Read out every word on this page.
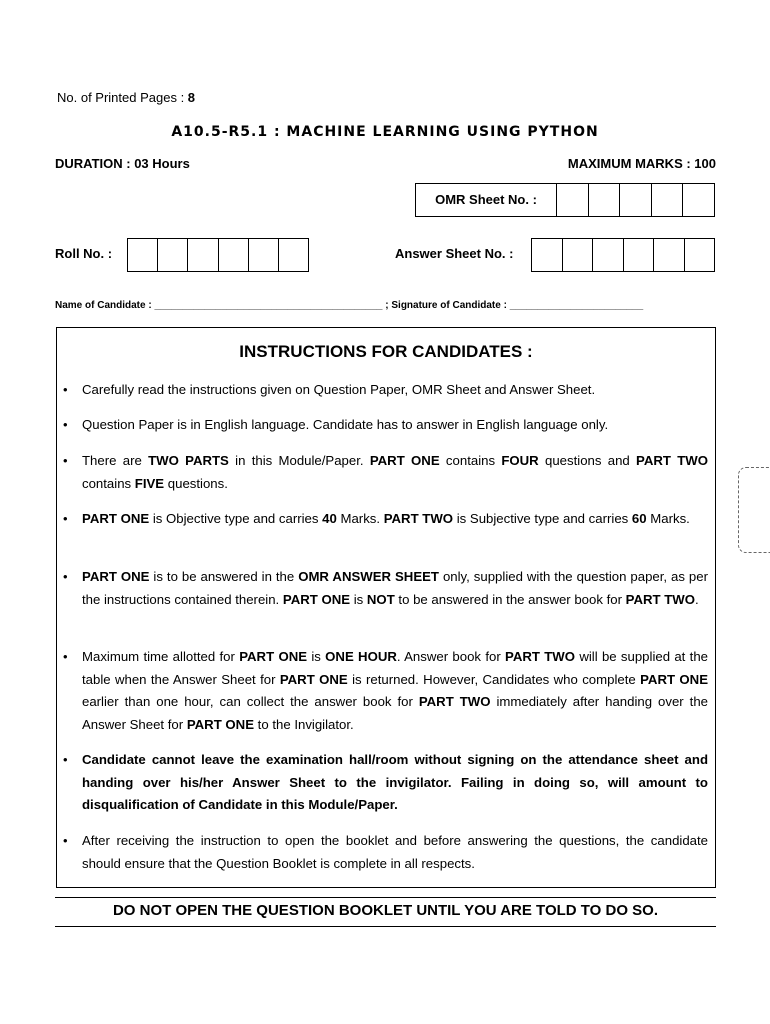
No. of Printed Pages : 8
A10.5-R5.1 : MACHINE LEARNING USING PYTHON
DURATION : 03 Hours	MAXIMUM MARKS : 100
OMR Sheet No. :
Roll No. :	Answer Sheet No. :
Name of Candidate : _________________________________________ ; Signature of Candidate : ________________________
INSTRUCTIONS FOR CANDIDATES :
• Carefully read the instructions given on Question Paper, OMR Sheet and Answer Sheet.
• Question Paper is in English language. Candidate has to answer in English language only.
• There are TWO PARTS in this Module/Paper. PART ONE contains FOUR questions and PART TWO contains FIVE questions.
• PART ONE is Objective type and carries 40 Marks. PART TWO is Subjective type and carries 60 Marks.
• PART ONE is to be answered in the OMR ANSWER SHEET only, supplied with the question paper, as per the instructions contained therein. PART ONE is NOT to be answered in the answer book for PART TWO.
• Maximum time allotted for PART ONE is ONE HOUR. Answer book for PART TWO will be supplied at the table when the Answer Sheet for PART ONE is returned. However, Candidates who complete PART ONE earlier than one hour, can collect the answer book for PART TWO immediately after handing over the Answer Sheet for PART ONE to the Invigilator.
• Candidate cannot leave the examination hall/room without signing on the attendance sheet and handing over his/her Answer Sheet to the invigilator. Failing in doing so, will amount to disqualification of Candidate in this Module/Paper.
• After receiving the instruction to open the booklet and before answering the questions, the candidate should ensure that the Question Booklet is complete in all respects.
DO NOT OPEN THE QUESTION BOOKLET UNTIL YOU ARE TOLD TO DO SO.
